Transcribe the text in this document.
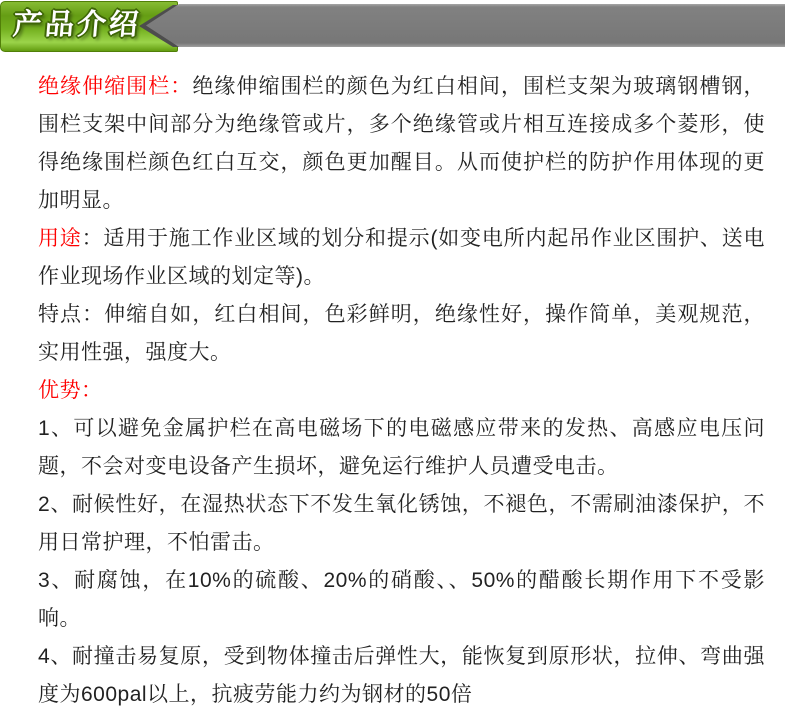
产品介绍

绝缘伸缩围栏：绝缘伸缩围栏的颜色为红白相间，围栏支架为玻璃钢槽钢，围栏支架中间部分为绝缘管或片，多个绝缘管或片相互连接成多个菱形，使得绝缘围栏颜色红白互交，颜色更加醒目。从而使护栏的防护作用体现的更加明显。

用途：适用于施工作业区域的划分和提示(如变电所内起吊作业区围护、送电作业现场作业区域的划定等)。

特点：伸缩自如，红白相间，色彩鲜明，绝缘性好，操作简单，美观规范，实用性强，强度大。

优势：

1、可以避免金属护栏在高电磁场下的电磁感应带来的发热、高感应电压问题，不会对变电设备产生损坏，避免运行维护人员遭受电击。

2、耐候性好，在湿热状态下不发生氧化锈蚀，不褪色，不需刷油漆保护，不用日常护理，不怕雷击。

3、耐腐蚀，在10%的硫酸、20%的硝酸、、50%的醋酸长期作用下不受影响。

4、耐撞击易复原，受到物体撞击后弹性大，能恢复到原形状，拉伸、弯曲强度为600pal以上，抗疲劳能力约为钢材的50倍
